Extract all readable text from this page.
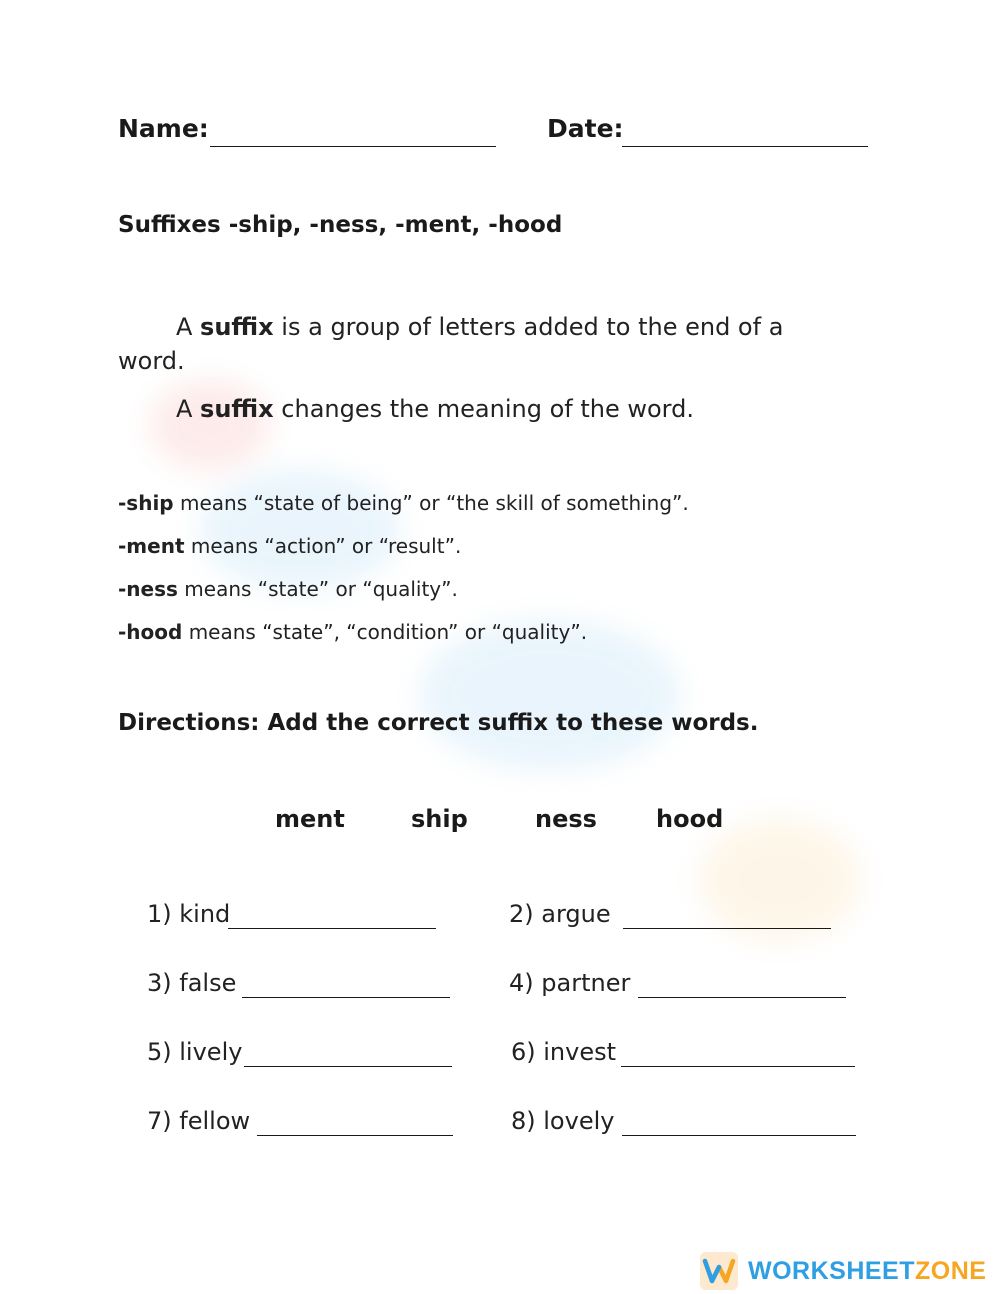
Name:	Date:
Suffixes -ship, -ness, -ment, -hood
A suffix is a group of letters added to the end of a
word.
A suffix changes the meaning of the word.
-ship means “state of being” or “the skill of something”.
-ment means “action” or “result”.
-ness means “state” or “quality”.
-hood means “state”, “condition” or “quality”.
Directions: Add the correct suffix to these words.
ment	ship	ness hood
1) kind
3) false
5) lively
7) fellow
2) argue
4) partner
6) invest
8) lovely
WORKSHEETZONE
